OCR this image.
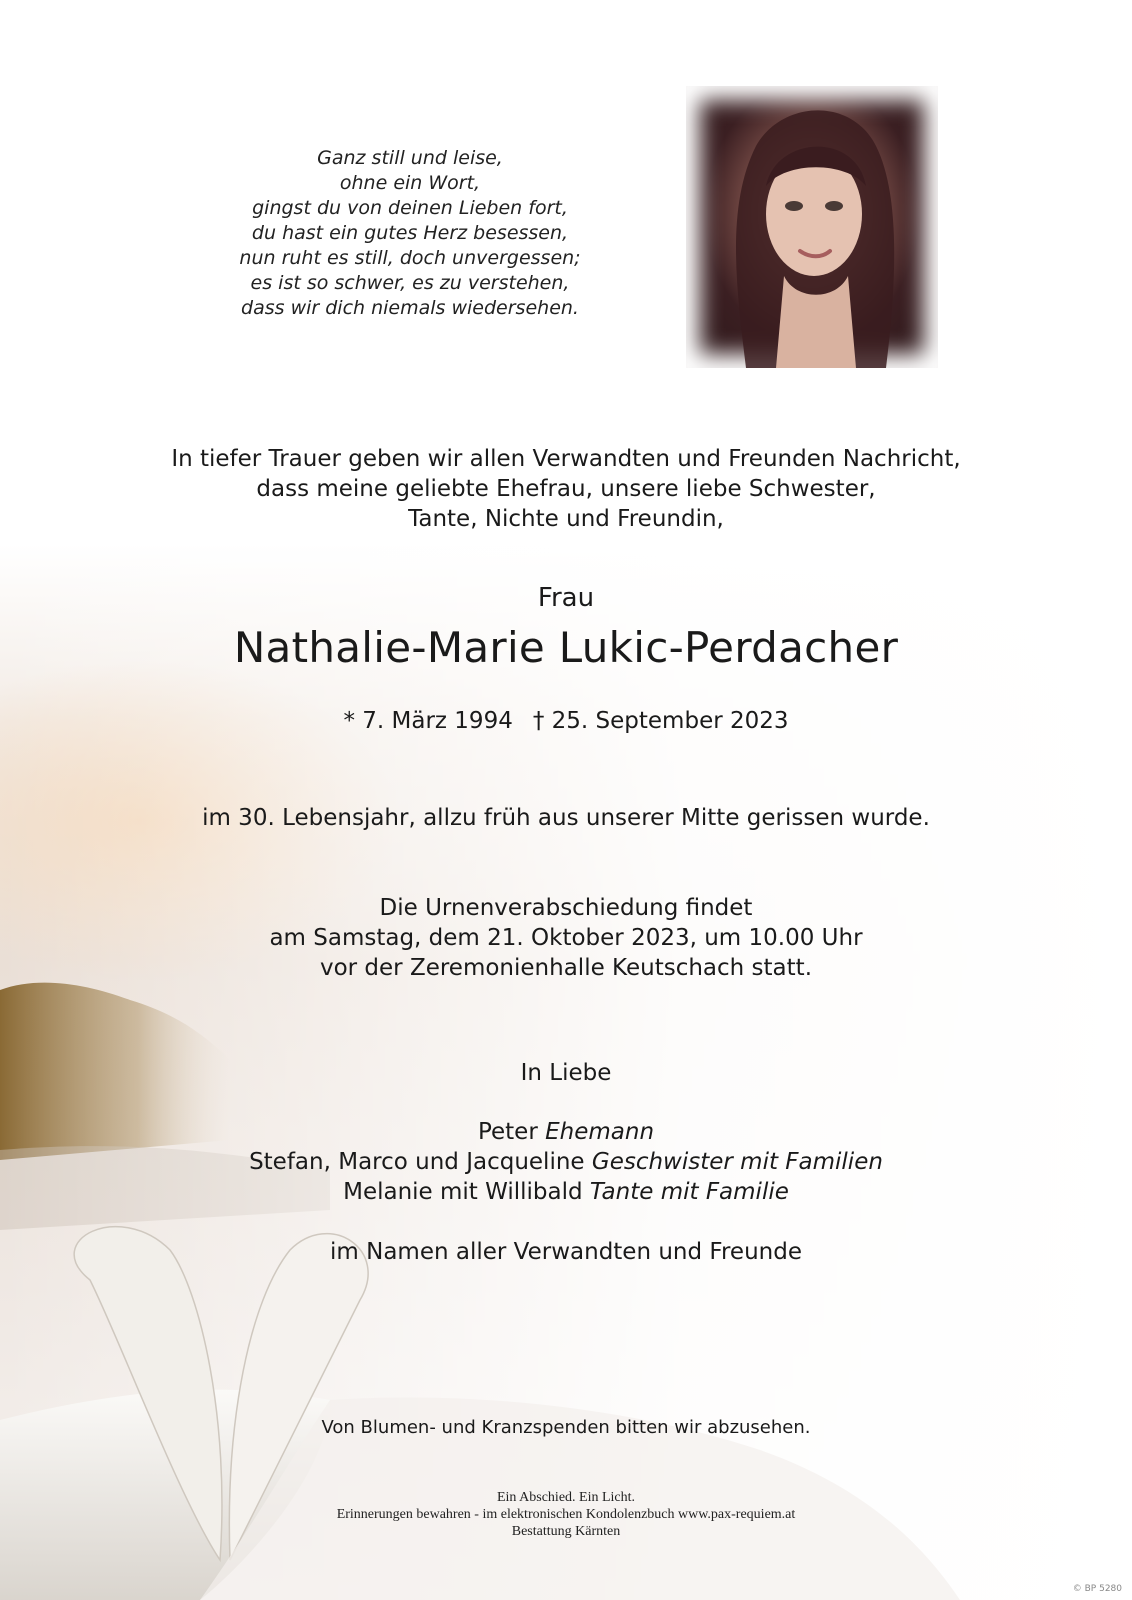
Ganz still und leise,
ohne ein Wort,
gingst du von deinen Lieben fort,
du hast ein gutes Herz besessen,
nun ruht es still, doch unvergessen;
es ist so schwer, es zu verstehen,
dass wir dich niemals wiedersehen.
In tiefer Trauer geben wir allen Verwandten und Freunden Nachricht,
dass meine geliebte Ehefrau, unsere liebe Schwester,
Tante, Nichte und Freundin,
Frau
Nathalie-Marie Lukic-Perdacher
* 7. März 1994 † 25. September 2023
im 30. Lebensjahr, allzu früh aus unserer Mitte gerissen wurde.
Die Urnenverabschiedung findet
am Samstag, dem 21. Oktober 2023, um 10.00 Uhr
vor der Zeremonienhalle Keutschach statt.
In Liebe
Peter Ehemann
Stefan, Marco und Jacqueline Geschwister mit Familien
Melanie mit Willibald Tante mit Familie
im Namen aller Verwandten und Freunde
Von Blumen- und Kranzspenden bitten wir abzusehen.
Ein Abschied. Ein Licht.
Erinnerungen bewahren - im elektronischen Kondolenzbuch www.pax-requiem.at
Bestattung Kärnten
© BP 5280
